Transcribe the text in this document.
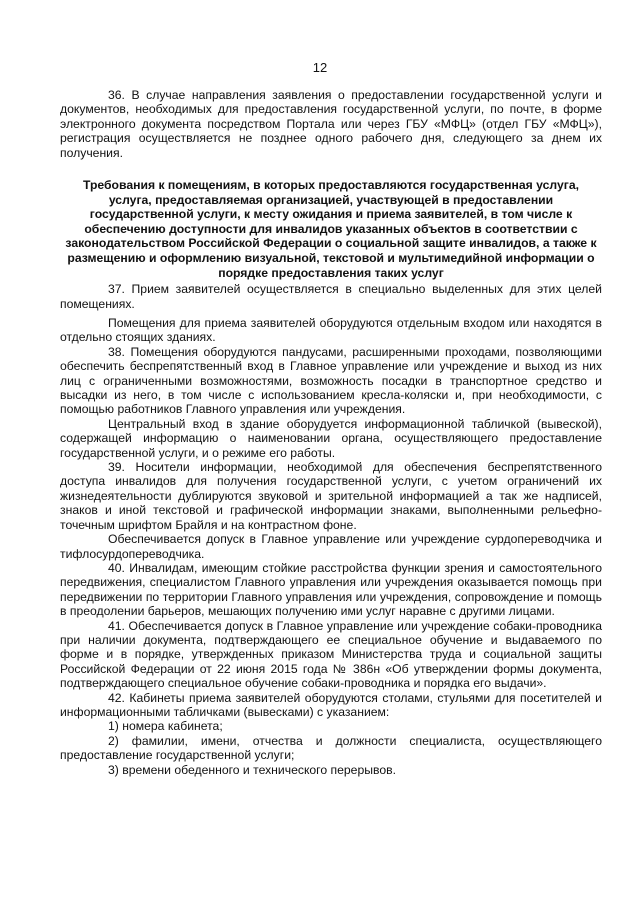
12

36. В случае направления заявления о предоставлении государственной услуги и документов, необходимых для предоставления государственной услуги, по почте, в форме электронного документа посредством Портала или через ГБУ «МФЦ» (отдел ГБУ «МФЦ»), регистрация осуществляется не позднее одного рабочего дня, следующего за днем их получения.

Требования к помещениям, в которых предоставляются государственная услуга, услуга, предоставляемая организацией, участвующей в предоставлении государственной услуги, к месту ожидания и приема заявителей, в том числе к обеспечению доступности для инвалидов указанных объектов в соответствии с законодательством Российской Федерации о социальной защите инвалидов, а также к размещению и оформлению визуальной, текстовой и мультимедийной информации о порядке предоставления таких услуг

37. Прием заявителей осуществляется в специально выделенных для этих целей помещениях.

Помещения для приема заявителей оборудуются отдельным входом или находятся в отдельно стоящих зданиях.

38. Помещения оборудуются пандусами, расширенными проходами, позволяющими обеспечить беспрепятственный вход в Главное управление или учреждение и выход из них лиц с ограниченными возможностями, возможность посадки в транспортное средство и высадки из него, в том числе с использованием кресла-коляски и, при необходимости, с помощью работников Главного управления или учреждения.

Центральный вход в здание оборудуется информационной табличкой (вывеской), содержащей информацию о наименовании органа, осуществляющего предоставление государственной услуги, и о режиме его работы.

39. Носители информации, необходимой для обеспечения беспрепятственного доступа инвалидов для получения государственной услуги, с учетом ограничений их жизнедеятельности дублируются звуковой и зрительной информацией а так же надписей, знаков и иной текстовой и графической информации знаками, выполненными рельефно-точечным шрифтом Брайля и на контрастном фоне.

Обеспечивается допуск в Главное управление или учреждение сурдопереводчика и тифлосурдопереводчика.

40. Инвалидам, имеющим стойкие расстройства функции зрения и самостоятельного передвижения, специалистом Главного управления или учреждения оказывается помощь при передвижении по территории Главного управления или учреждения, сопровождение и помощь в преодолении барьеров, мешающих получению ими услуг наравне с другими лицами.

41. Обеспечивается допуск в Главное управление или учреждение собаки-проводника при наличии документа, подтверждающего ее специальное обучение и выдаваемого по форме и в порядке, утвержденных приказом Министерства труда и социальной защиты Российской Федерации от 22 июня 2015 года № 386н «Об утверждении формы документа, подтверждающего специальное обучение собаки-проводника и порядка его выдачи».

42. Кабинеты приема заявителей оборудуются столами, стульями для посетителей и информационными табличками (вывесками) с указанием:

1) номера кабинета;

2) фамилии, имени, отчества и должности специалиста, осуществляющего предоставление государственной услуги;

3) времени обеденного и технического перерывов.
